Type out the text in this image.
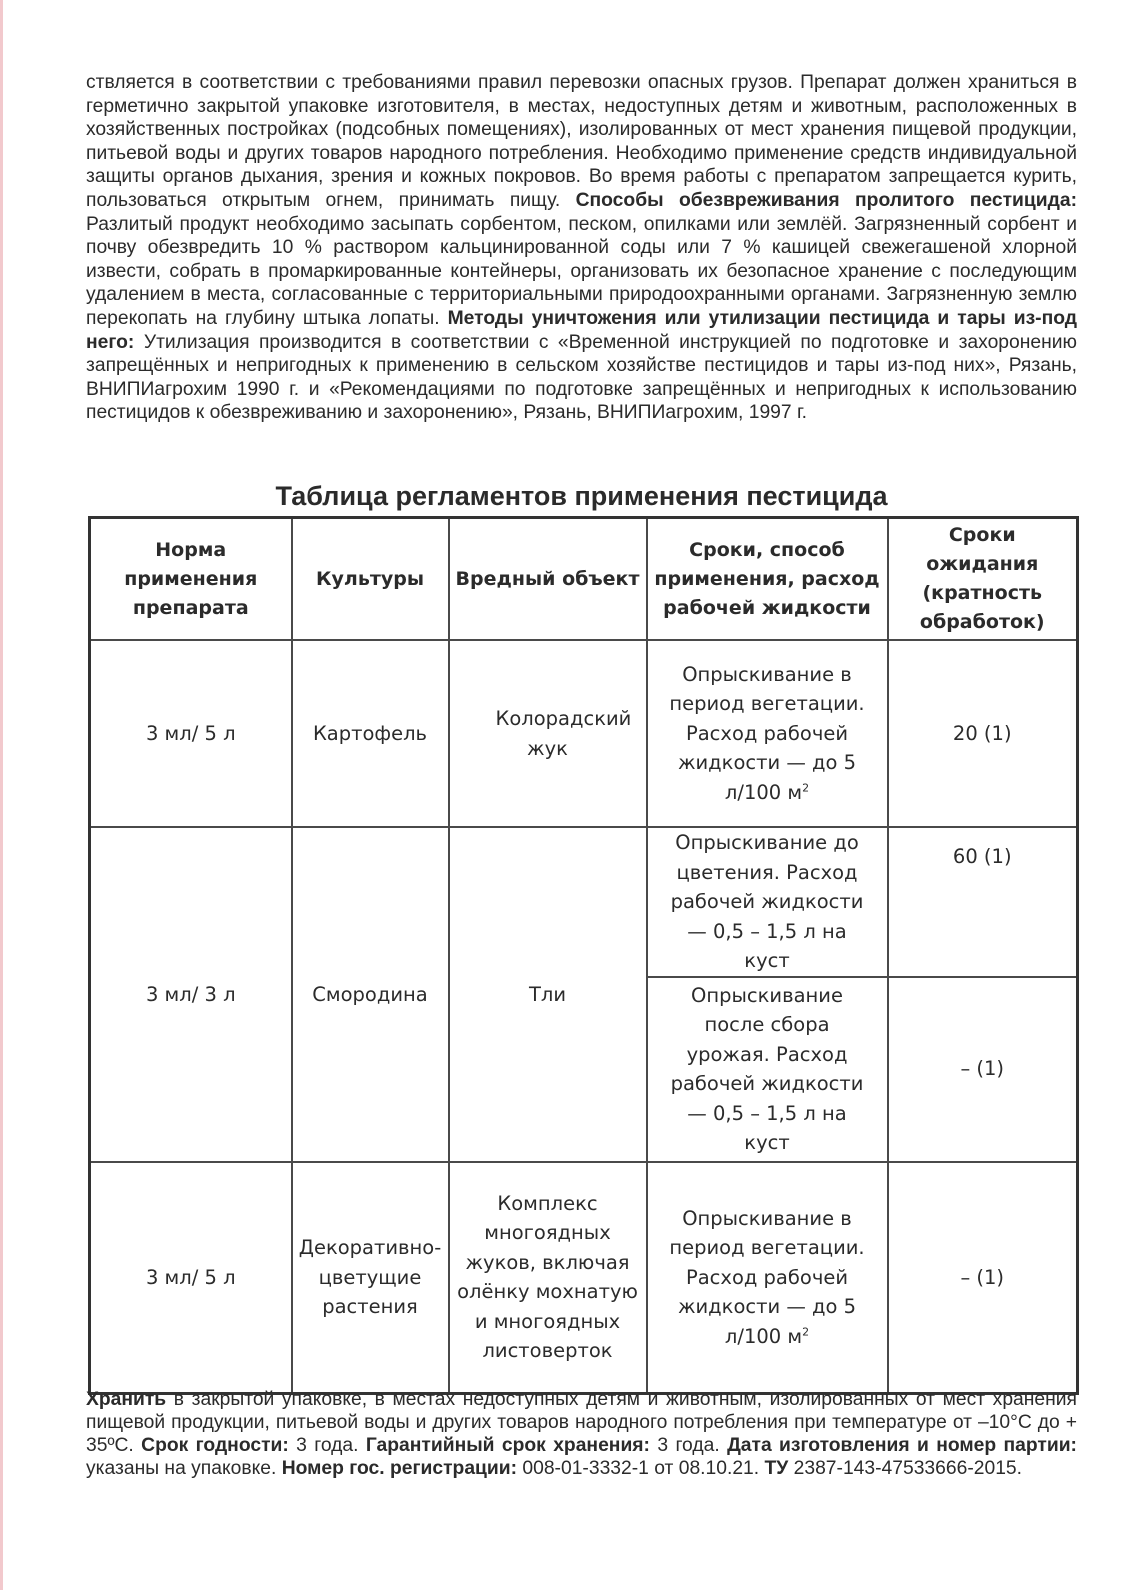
ствляется в соответствии с требованиями правил перевозки опасных грузов. Препарат должен храниться в герметично закрытой упаковке изготовителя, в местах, недоступных детям и животным, расположенных в хозяйственных постройках (подсобных помещениях), изолированных от мест хранения пищевой продукции, питьевой воды и других товаров народного потребления. Необходимо применение средств индивидуальной защиты органов дыхания, зрения и кожных покровов. Во время работы с препаратом запрещается курить, пользоваться открытым огнем, принимать пищу. Способы обезвреживания пролитого пестицида: Разлитый продукт необходимо засыпать сорбентом, песком, опилками или землёй. Загрязненный сорбент и почву обезвредить 10 % раствором кальцинированной соды или 7 % кашицей свежегашеной хлорной извести, собрать в промаркированные контейнеры, организовать их безопасное хранение с последующим удалением в места, согласованные с территориальными природоохранными органами. Загрязненную землю перекопать на глубину штыка лопаты. Методы уничтожения или утилизации пестицида и тары из-под него: Утилизация производится в соответствии с «Временной инструкцией по подготовке и захоронению запрещённых и непригодных к применению в сельском хозяйстве пестицидов и тары из-под них», Рязань, ВНИПИагрохим 1990 г. и «Рекомендациями по подготовке запрещённых и непригодных к использованию пестицидов к обезвреживанию и захоронению», Рязань, ВНИПИагрохим, 1997 г.

Таблица регламентов применения пестицида
Норма применения препарата	Культуры	Вредный объект	Сроки, способ применения, расход рабочей жидкости	Сроки ожидания (кратность обработок)
3 мл/ 5 л	Картофель	Колорадский жук	Опрыскивание в период вегетации. Расход рабочей жидкости — до 5 л/100 $м^2$	20 (1)
3 мл/ 3 л	Смородина	Тли	Опрыскивание до цветения. Расход рабочей жидкости — 0,5 – 1,5 л на куст	60 (1)
			Опрыскивание после сбора урожая. Расход рабочей жидкости — 0,5 – 1,5 л на куст	– (1)
3 мл/ 5 л	Декоративно-цветущие растения	Комплекс многоядных жуков, включая олёнку мохнатую и многоядных листоверток	Опрыскивание в период вегетации. Расход рабочей жидкости — до 5 л/100 $м^2$	– (1)

Хранить в закрытой упаковке, в местах недоступных детям и животным, изолированных от мест хранения пищевой продукции, питьевой воды и других товаров народного потребления при температуре от –10°С до + 35ºС. Срок годности: 3 года. Гарантийный срок хранения: 3 года. Дата изготовления и номер партии: указаны на упаковке. Номер гос. регистрации: 008-01-3332-1 от 08.10.21. ТУ 2387-143-47533666-2015.
